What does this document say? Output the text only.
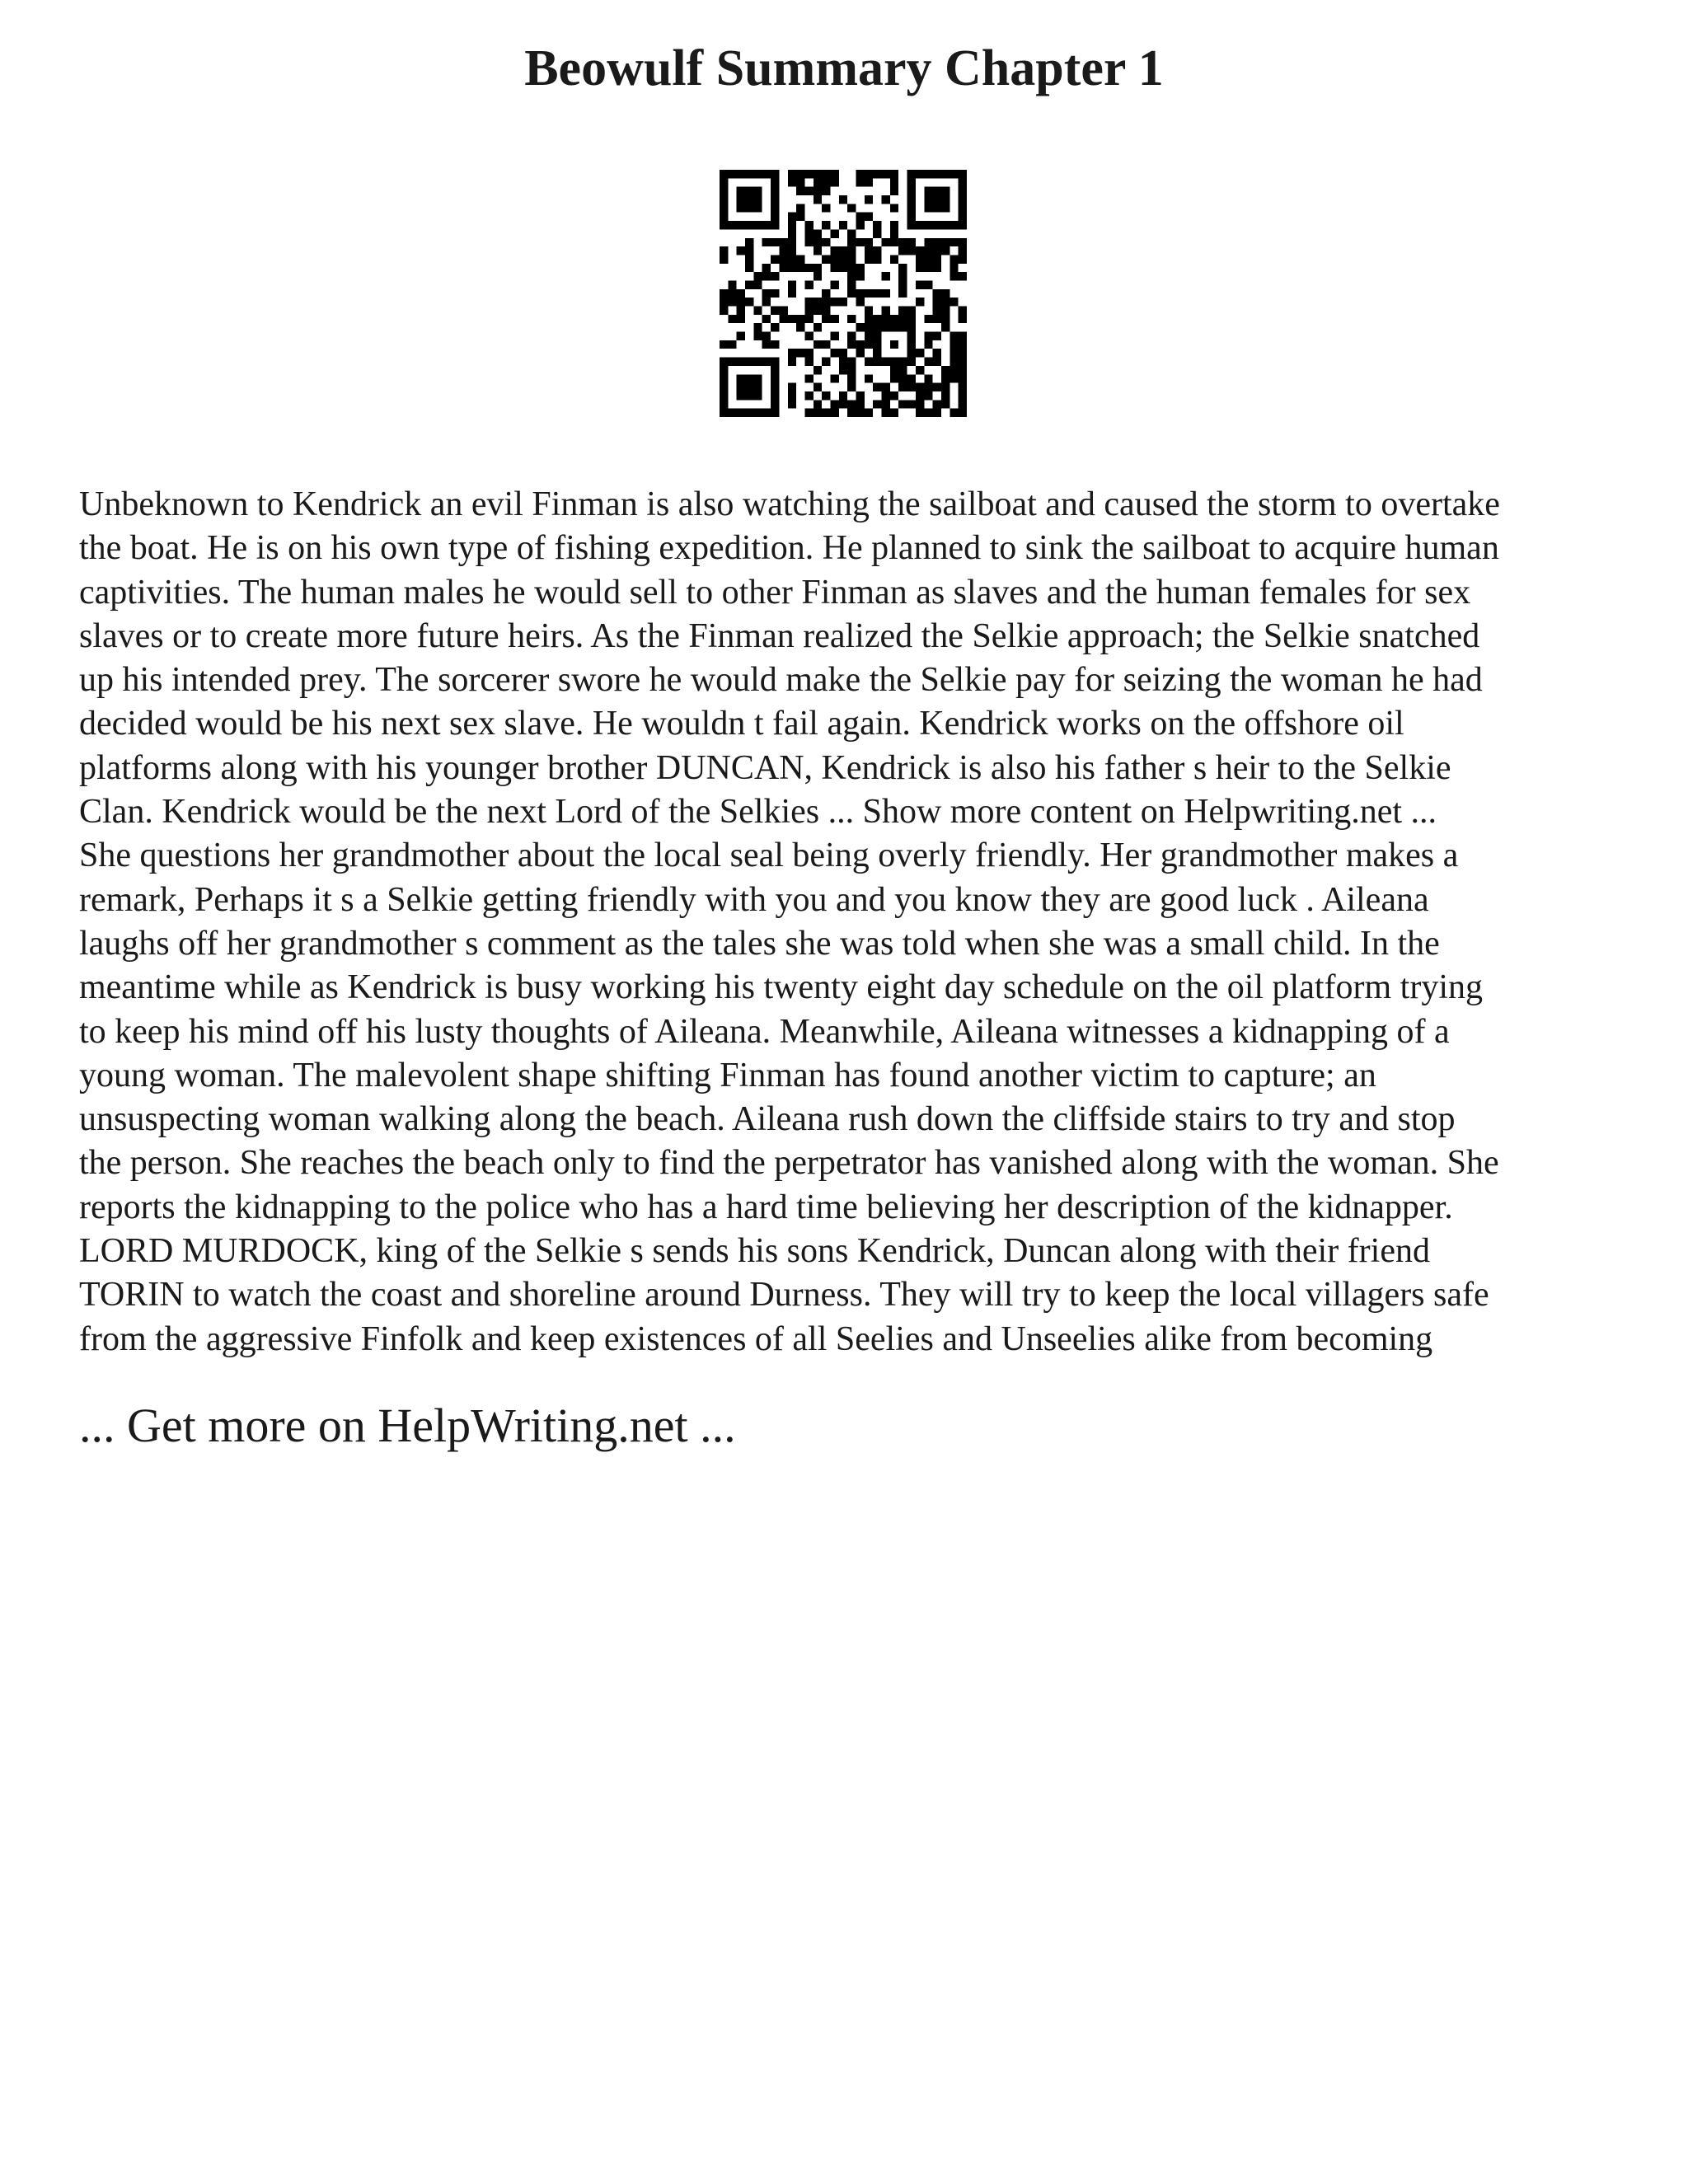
Beowulf Summary Chapter 1

Unbeknown to Kendrick an evil Finman is also watching the sailboat and caused the storm to overtake
the boat. He is on his own type of fishing expedition. He planned to sink the sailboat to acquire human
captivities. The human males he would sell to other Finman as slaves and the human females for sex
slaves or to create more future heirs. As the Finman realized the Selkie approach; the Selkie snatched
up his intended prey. The sorcerer swore he would make the Selkie pay for seizing the woman he had
decided would be his next sex slave. He wouldn t fail again. Kendrick works on the offshore oil
platforms along with his younger brother DUNCAN, Kendrick is also his father s heir to the Selkie
Clan. Kendrick would be the next Lord of the Selkies ... Show more content on Helpwriting.net ...
She questions her grandmother about the local seal being overly friendly. Her grandmother makes a
remark, Perhaps it s a Selkie getting friendly with you and you know they are good luck . Aileana
laughs off her grandmother s comment as the tales she was told when she was a small child. In the
meantime while as Kendrick is busy working his twenty eight day schedule on the oil platform trying
to keep his mind off his lusty thoughts of Aileana. Meanwhile, Aileana witnesses a kidnapping of a
young woman. The malevolent shape shifting Finman has found another victim to capture; an
unsuspecting woman walking along the beach. Aileana rush down the cliffside stairs to try and stop
the person. She reaches the beach only to find the perpetrator has vanished along with the woman. She
reports the kidnapping to the police who has a hard time believing her description of the kidnapper.
LORD MURDOCK, king of the Selkie s sends his sons Kendrick, Duncan along with their friend
TORIN to watch the coast and shoreline around Durness. They will try to keep the local villagers safe
from the aggressive Finfolk and keep existences of all Seelies and Unseelies alike from becoming

... Get more on HelpWriting.net ...
